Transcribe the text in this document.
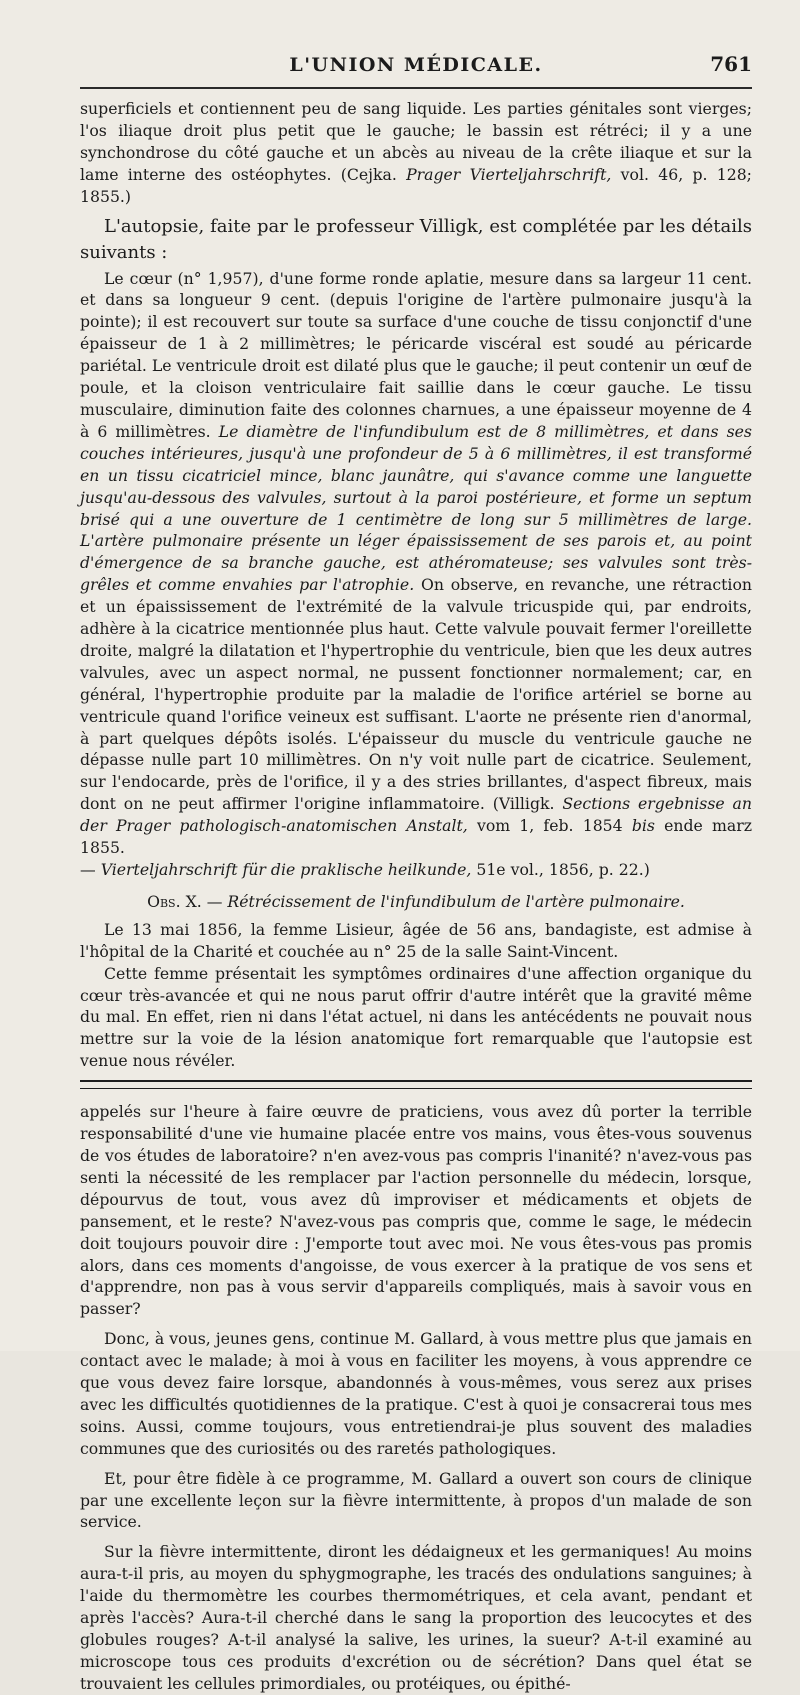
L'UNION MÉDICALE.	761

superficiels et contiennent peu de sang liquide. Les parties génitales sont vierges; l'os iliaque droit plus petit que le gauche; le bassin est rétréci; il y a une synchondrose du côté gauche et un abcès au niveau de la crête iliaque et sur la lame interne des ostéophytes. (Cejka. Prager Vierteljahrschrift, vol. 46, p. 128; 1855.)

L'autopsie, faite par le professeur Villigk, est complétée par les détails suivants :

Le cœur (n° 1,957), d'une forme ronde aplatie, mesure dans sa largeur 11 cent. et dans sa longueur 9 cent. (depuis l'origine de l'artère pulmonaire jusqu'à la pointe); il est recouvert sur toute sa surface d'une couche de tissu conjonctif d'une épaisseur de 1 à 2 millimètres; le péricarde viscéral est soudé au péricarde pariétal. Le ventricule droit est dilaté plus que le gauche; il peut contenir un œuf de poule, et la cloison ventriculaire fait saillie dans le cœur gauche. Le tissu musculaire, diminution faite des colonnes charnues, a une épaisseur moyenne de 4 à 6 millimètres. Le diamètre de l'infundibulum est de 8 millimètres, et dans ses couches intérieures, jusqu'à une profondeur de 5 à 6 millimètres, il est transformé en un tissu cicatriciel mince, blanc jaunâtre, qui s'avance comme une languette jusqu'au-dessous des valvules, surtout à la paroi postérieure, et forme un septum brisé qui a une ouverture de 1 centimètre de long sur 5 millimètres de large. L'artère pulmonaire présente un léger épaississement de ses parois et, au point d'émergence de sa branche gauche, est athéromateuse; ses valvules sont très-grêles et comme envahies par l'atrophie. On observe, en revanche, une rétraction et un épaississement de l'extrémité de la valvule tricuspide qui, par endroits, adhère à la cicatrice mentionnée plus haut. Cette valvule pouvait fermer l'oreillette droite, malgré la dilatation et l'hypertrophie du ventricule, bien que les deux autres valvules, avec un aspect normal, ne pussent fonctionner normalement; car, en général, l'hypertrophie produite par la maladie de l'orifice artériel se borne au ventricule quand l'orifice veineux est suffisant. L'aorte ne présente rien d'anormal, à part quelques dépôts isolés. L'épaisseur du muscle du ventricule gauche ne dépasse nulle part 10 millimètres. On n'y voit nulle part de cicatrice. Seulement, sur l'endocarde, près de l'orifice, il y a des stries brillantes, d'aspect fibreux, mais dont on ne peut affirmer l'origine inflammatoire. (Villigk. Sections ergebnisse an der Prager pathologisch-anatomischen Anstalt, vom 1, feb. 1854 bis ende marz 1855.
— Vierteljahrschrift für die praklische heilkunde, 51e vol., 1856, p. 22.)

Obs. X. — Rétrécissement de l'infundibulum de l'artère pulmonaire.

Le 13 mai 1856, la femme Lisieur, âgée de 56 ans, bandagiste, est admise à l'hôpital de la Charité et couchée au n° 25 de la salle Saint-Vincent.

Cette femme présentait les symptômes ordinaires d'une affection organique du cœur très-avancée et qui ne nous parut offrir d'autre intérêt que la gravité même du mal. En effet, rien ni dans l'état actuel, ni dans les antécédents ne pouvait nous mettre sur la voie de la lésion anatomique fort remarquable que l'autopsie est venue nous révéler.

appelés sur l'heure à faire œuvre de praticiens, vous avez dû porter la terrible responsabilité d'une vie humaine placée entre vos mains, vous êtes-vous souvenus de vos études de laboratoire? n'en avez-vous pas compris l'inanité? n'avez-vous pas senti la nécessité de les remplacer par l'action personnelle du médecin, lorsque, dépourvus de tout, vous avez dû improviser et médicaments et objets de pansement, et le reste? N'avez-vous pas compris que, comme le sage, le médecin doit toujours pouvoir dire : J'emporte tout avec moi. Ne vous êtes-vous pas promis alors, dans ces moments d'angoisse, de vous exercer à la pratique de vos sens et d'apprendre, non pas à vous servir d'appareils compliqués, mais à savoir vous en passer?

Donc, à vous, jeunes gens, continue M. Gallard, à vous mettre plus que jamais en contact avec le malade; à moi à vous en faciliter les moyens, à vous apprendre ce que vous devez faire lorsque, abandonnés à vous-mêmes, vous serez aux prises avec les difficultés quotidiennes de la pratique. C'est à quoi je consacrerai tous mes soins. Aussi, comme toujours, vous entretiendrai-je plus souvent des maladies communes que des curiosités ou des raretés pathologiques.

Et, pour être fidèle à ce programme, M. Gallard a ouvert son cours de clinique par une excellente leçon sur la fièvre intermittente, à propos d'un malade de son service.

Sur la fièvre intermittente, diront les dédaigneux et les germaniques! Au moins aura-t-il pris, au moyen du sphygmographe, les tracés des ondulations sanguines; à l'aide du thermomètre les courbes thermométriques, et cela avant, pendant et après l'accès? Aura-t-il cherché dans le sang la proportion des leucocytes et des globules rouges? A-t-il analysé la salive, les urines, la sueur? A-t-il examiné au microscope tous ces produits d'excrétion ou de sécrétion? Dans quel état se trouvaient les cellules primordiales, ou protéiques, ou épithé-
